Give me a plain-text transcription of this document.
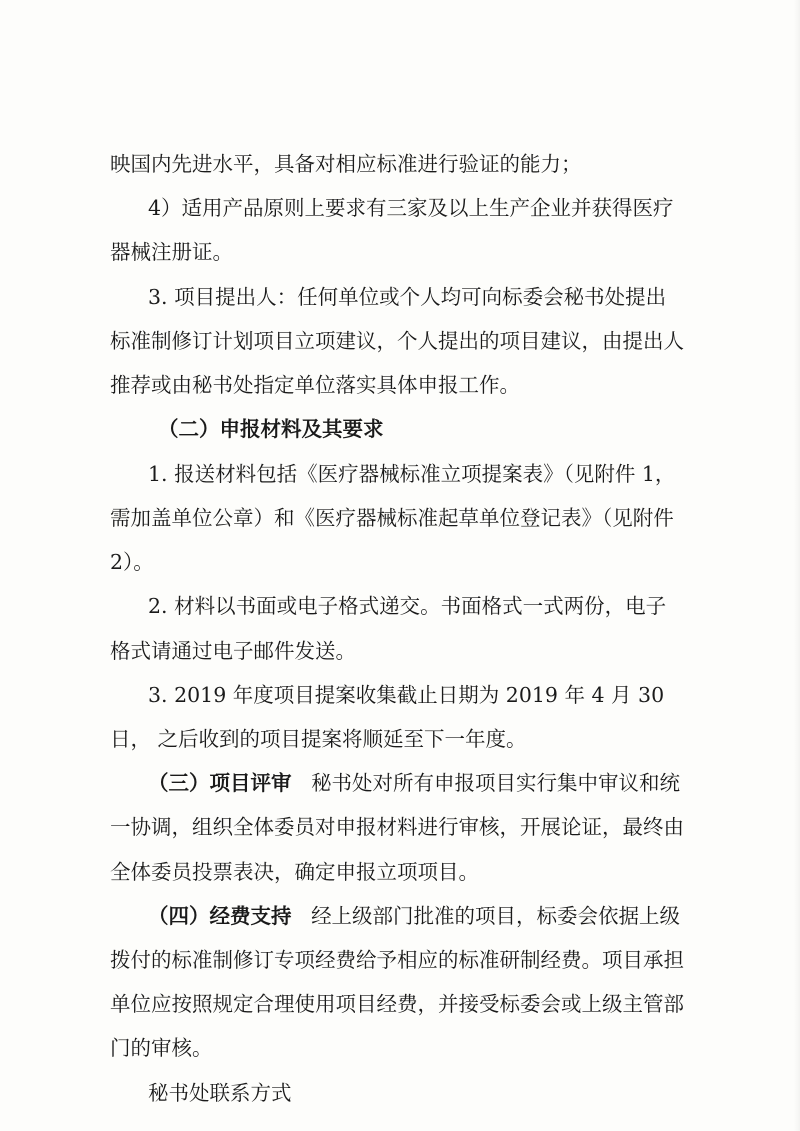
映国内先进水平，具备对相应标准进行验证的能力；
4）适用产品原则上要求有三家及以上生产企业并获得医疗
器械注册证。
3. 项目提出人：任何单位或个人均可向标委会秘书处提出
标准制修订计划项目立项建议，个人提出的项目建议，由提出人
推荐或由秘书处指定单位落实具体申报工作。
（二）申报材料及其要求
1. 报送材料包括《医疗器械标准立项提案表》（见附件 1，
需加盖单位公章）和《医疗器械标准起草单位登记表》（见附件
2）。
2. 材料以书面或电子格式递交。书面格式一式两份，电子
格式请通过电子邮件发送。
3. 2019 年度项目提案收集截止日期为 2019 年 4 月 30
日， 之后收到的项目提案将顺延至下一年度。
（三）项目评审 秘书处对所有申报项目实行集中审议和统
一协调，组织全体委员对申报材料进行审核，开展论证，最终由
全体委员投票表决，确定申报立项项目。
（四）经费支持 经上级部门批准的项目，标委会依据上级
拨付的标准制修订专项经费给予相应的标准研制经费。项目承担
单位应按照规定合理使用项目经费，并接受标委会或上级主管部
门的审核。
秘书处联系方式
